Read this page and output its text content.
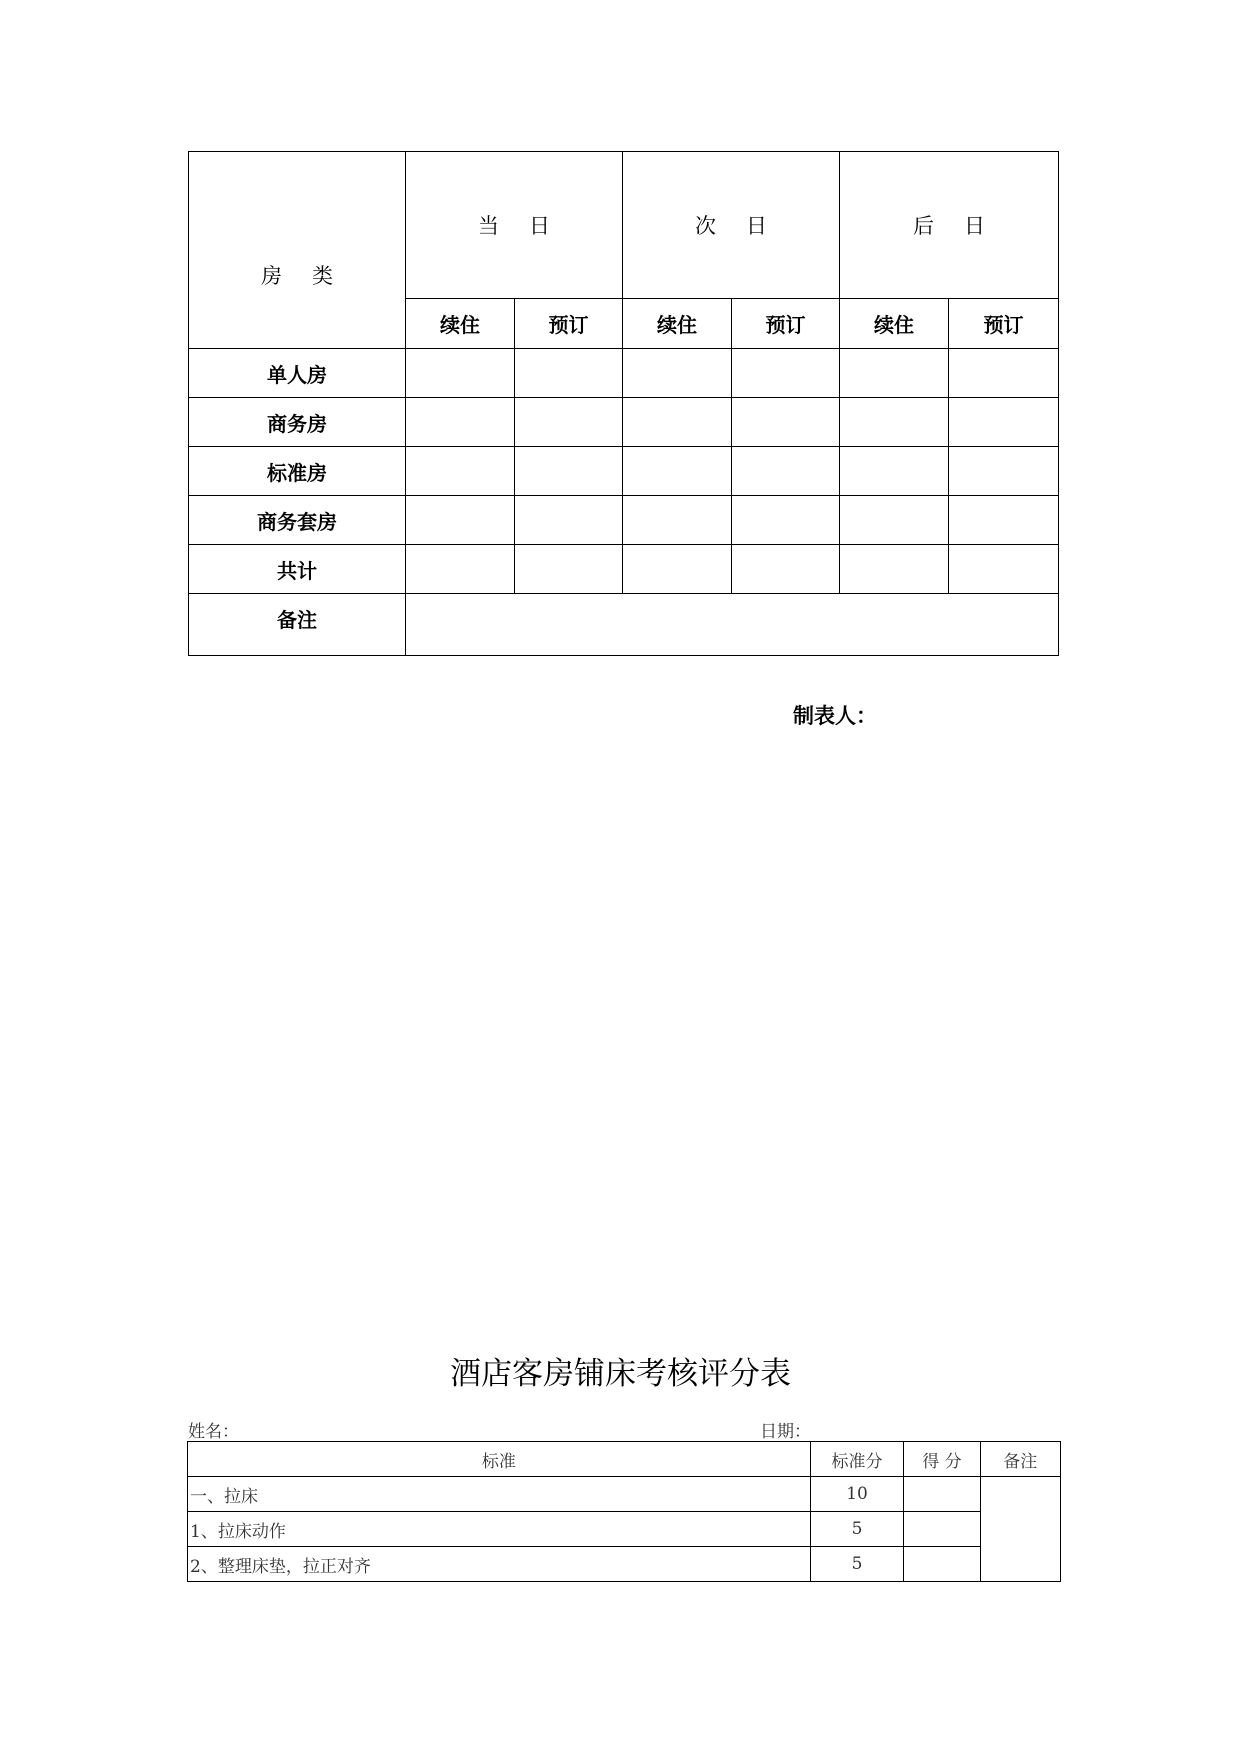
房类	当日		次日		后日	
	续住	预订	续住	预订	续住	预订
单人房						
商务房						
标准房						
商务套房						
共计						
备注						
制表人：
酒店客房铺床考核评分表
姓名：	日期：
标准	标准分	得 分	备注
一、拉床	10		
1、拉床动作	5		
2、整理床垫，拉正对齐	5		
